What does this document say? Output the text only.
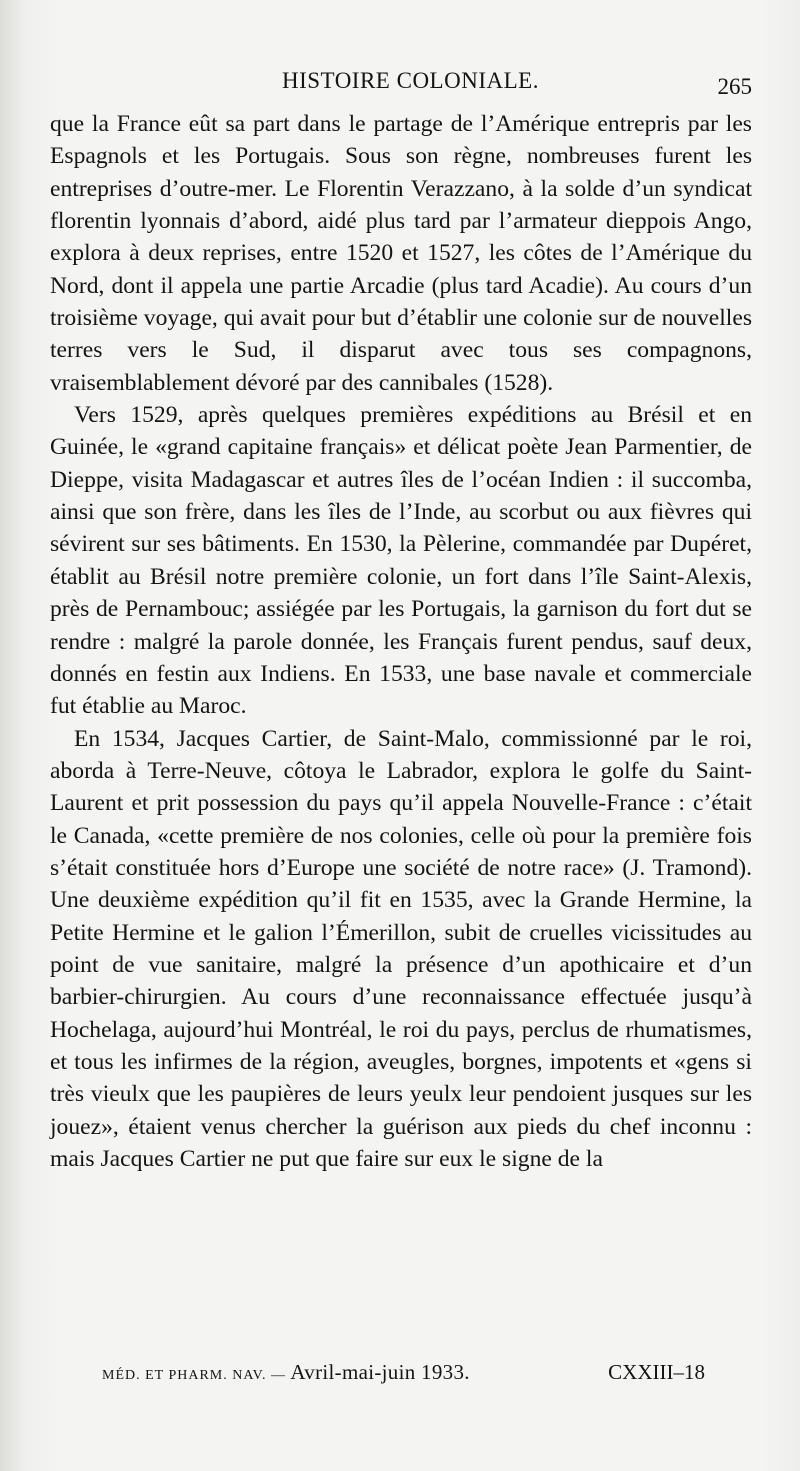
HISTOIRE COLONIALE.	265

que la France eût sa part dans le partage de l’Amérique entrepris par les Espagnols et les Portugais. Sous son règne, nombreuses furent les entreprises d’outre-mer. Le Florentin Verazzano, à la solde d’un syndicat florentin lyonnais d’abord, aidé plus tard par l’armateur dieppois Ango, explora à deux reprises, entre 1520 et 1527, les côtes de l’Amérique du Nord, dont il appela une partie Arcadie (plus tard Acadie). Au cours d’un troisième voyage, qui avait pour but d’établir une colonie sur de nouvelles terres vers le Sud, il disparut avec tous ses compagnons, vraisemblablement dévoré par des cannibales (1528).

Vers 1529, après quelques premières expéditions au Brésil et en Guinée, le «grand capitaine français» et délicat poète Jean Parmentier, de Dieppe, visita Madagascar et autres îles de l’océan Indien : il succomba, ainsi que son frère, dans les îles de l’Inde, au scorbut ou aux fièvres qui sévirent sur ses bâtiments. En 1530, la Pèlerine, commandée par Dupéret, établit au Brésil notre première colonie, un fort dans l’île Saint-Alexis, près de Pernambouc; assiégée par les Portugais, la garnison du fort dut se rendre : malgré la parole donnée, les Français furent pendus, sauf deux, donnés en festin aux Indiens. En 1533, une base navale et commerciale fut établie au Maroc.

En 1534, Jacques Cartier, de Saint-Malo, commissionné par le roi, aborda à Terre-Neuve, côtoya le Labrador, explora le golfe du Saint-Laurent et prit possession du pays qu’il appela Nouvelle-France : c’était le Canada, «cette première de nos colonies, celle où pour la première fois s’était constituée hors d’Europe une société de notre race» (J. Tramond). Une deuxième expédition qu’il fit en 1535, avec la Grande Hermine, la Petite Hermine et le galion l’Émerillon, subit de cruelles vicissitudes au point de vue sanitaire, malgré la présence d’un apothicaire et d’un barbier-chirurgien. Au cours d’une reconnaissance effectuée jusqu’à Hochelaga, aujourd’hui Montréal, le roi du pays, perclus de rhumatismes, et tous les infirmes de la région, aveugles, borgnes, impotents et «gens si très vieulx que les paupières de leurs yeulx leur pendoient jusques sur les jouez», étaient venus chercher la guérison aux pieds du chef inconnu : mais Jacques Cartier ne put que faire sur eux le signe de la

MÉD. ET PHARM. NAV. — Avril-mai-juin 1933.	CXXIII–18
